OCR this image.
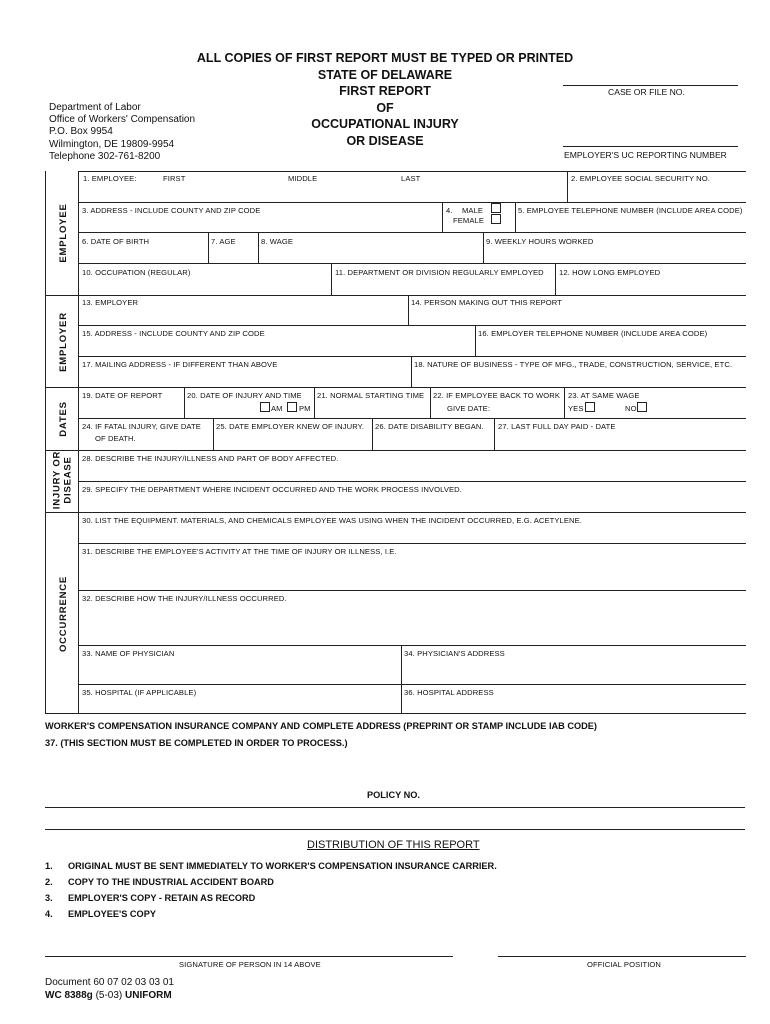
ALL COPIES OF FIRST REPORT MUST BE TYPED OR PRINTED
STATE OF DELAWARE
FIRST REPORT
OF
OCCUPATIONAL INJURY
OR DISEASE
Department of Labor
Office of Workers' Compensation
P.O. Box 9954
Wilmington, DE 19809-9954
Telephone 302-761-8200
CASE OR FILE NO.
EMPLOYER'S UC REPORTING NUMBER
EMPLOYEE
EMPLOYER
DATES
INJURY OR DISEASE
OCCURRENCE
1. EMPLOYEE:	FIRST	MIDDLE	LAST	2. EMPLOYEE SOCIAL SECURITY NO.
3. ADDRESS - INCLUDE COUNTY AND ZIP CODE	4. MALE
FEMALE
5. EMPLOYEE TELEPHONE NUMBER (INCLUDE AREA CODE)
6. DATE OF BIRTH	7. AGE	8. WAGE	9. WEEKLY HOURS WORKED
10. OCCUPATION (REGULAR)	11. DEPARTMENT OR DIVISION REGULARLY EMPLOYED 12. HOW LONG EMPLOYED
13. EMPLOYER	14. PERSON MAKING OUT THIS REPORT
15. ADDRESS - INCLUDE COUNTY AND ZIP CODE	16. EMPLOYER TELEPHONE NUMBER (INCLUDE AREA CODE)
17. MAILING ADDRESS - IF DIFFERENT THAN ABOVE	18. NATURE OF BUSINESS - TYPE OF MFG., TRADE, CONSTRUCTION, SERVICE, ETC.
19. DATE OF REPORT	20. DATE OF INJURY AND TIME
AM PM
21. NORMAL STARTING TIME 22. IF EMPLOYEE BACK TO WORK
GIVE DATE:
23. AT SAME WAGE
YES	NO
24. IF FATAL INJURY, GIVE DATE
OF DEATH.
25. DATE EMPLOYER KNEW OF INJURY. 26. DATE DISABILITY BEGAN. 27. LAST FULL DAY PAID - DATE
28. DESCRIBE THE INJURY/ILLNESS AND PART OF BODY AFFECTED.
29. SPECIFY THE DEPARTMENT WHERE INCIDENT OCCURRED AND THE WORK PROCESS INVOLVED.
30. LIST THE EQUIPMENT. MATERIALS, AND CHEMICALS EMPLOYEE WAS USING WHEN THE INCIDENT OCCURRED, E.G. ACETYLENE.
31. DESCRIBE THE EMPLOYEE'S ACTIVITY AT THE TIME OF INJURY OR ILLNESS, I.E.
32. DESCRIBE HOW THE INJURY/ILLNESS OCCURRED.
33. NAME OF PHYSICIAN	34. PHYSICIAN'S ADDRESS
35. HOSPITAL (IF APPLICABLE)	36. HOSPITAL ADDRESS
WORKER'S COMPENSATION INSURANCE COMPANY AND COMPLETE ADDRESS (PREPRINT OR STAMP INCLUDE IAB CODE)
37. (THIS SECTION MUST BE COMPLETED IN ORDER TO PROCESS.)
POLICY NO.
DISTRIBUTION OF THIS REPORT
1. ORIGINAL MUST BE SENT IMMEDIATELY TO WORKER'S COMPENSATION INSURANCE CARRIER.
2. COPY TO THE INDUSTRIAL ACCIDENT BOARD
3. EMPLOYER'S COPY - RETAIN AS RECORD
4. EMPLOYEE'S COPY
SIGNATURE OF PERSON IN 14 ABOVE	OFFICIAL POSITION
Document 60 07 02 03 03 01
WC 8388g (5-03) UNIFORM
